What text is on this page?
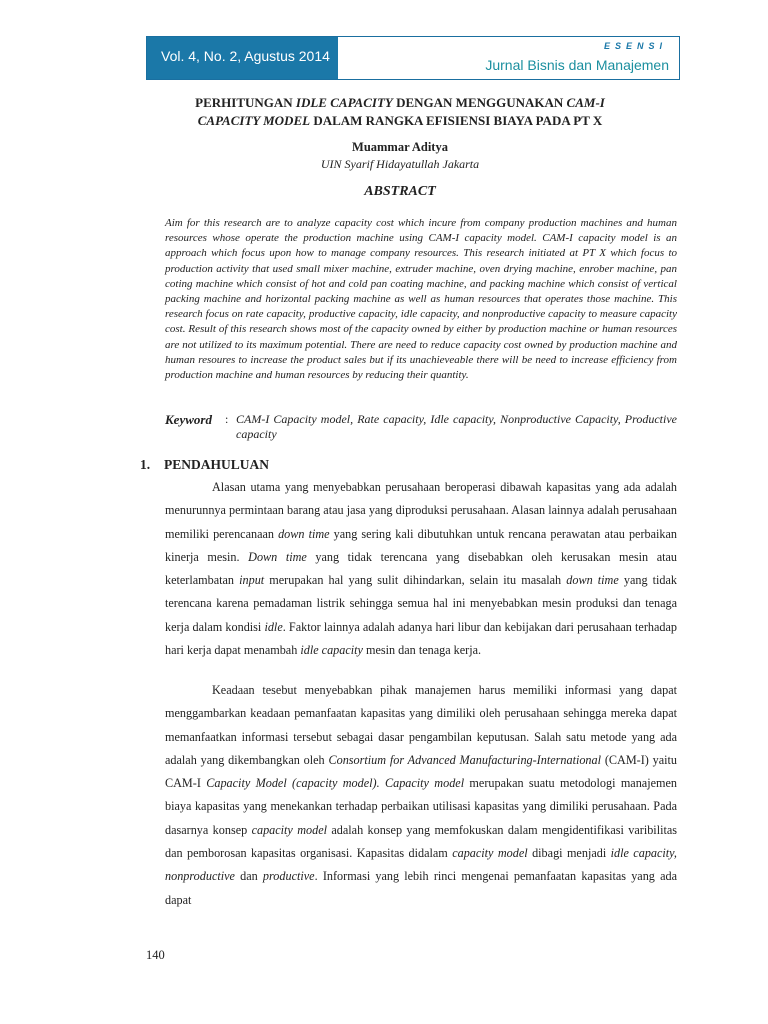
Vol. 4, No. 2, Agustus 2014
ESENSI
Jurnal Bisnis dan Manajemen
PERHITUNGAN IDLE CAPACITY DENGAN MENGGUNAKAN CAM-I
CAPACITY MODEL DALAM RANGKA EFISIENSI BIAYA PADA PT X
Muammar Aditya
UIN Syarif Hidayatullah Jakarta
ABSTRACT
Aim for this research are to analyze capacity cost which incure from company production machines and human resources whose operate the production machine using CAM-I capacity model. CAM-I capacity model is an approach which focus upon how to manage company resources. This research initiated at PT X which focus to production activity that used small mixer machine, extruder machine, oven drying machine, enrober machine, pan coting machine which consist of hot and cold pan coating machine, and packing machine which consist of vertical packing machine and horizontal packing machine as well as human resources that operates those machine. This research focus on rate capacity, productive capacity, idle capacity, and nonproductive capacity to measure capacity cost. Result of this research shows most of the capacity owned by either by production machine or human resources are not utilized to its maximum potential. There are need to reduce capacity cost owned by production machine and human resoures to increase the product sales but if its unachieveable there will be need to increase efficiency from production machine and human resources by reducing their quantity.
Keyword : CAM-I Capacity model, Rate capacity, Idle capacity, Nonproductive Capacity, Productive capacity
1. PENDAHULUAN

Alasan utama yang menyebabkan perusahaan beroperasi dibawah kapasitas yang ada adalah menurunnya permintaan barang atau jasa yang diproduksi perusahaan. Alasan lainnya adalah perusahaan memiliki perencanaan down time yang sering kali dibutuhkan untuk rencana perawatan atau perbaikan kinerja mesin. Down time yang tidak terencana yang disebabkan oleh kerusakan mesin atau keterlambatan input merupakan hal yang sulit dihindarkan, selain itu masalah down time yang tidak terencana karena pemadaman listrik sehingga semua hal ini menyebabkan mesin produksi dan tenaga kerja dalam kondisi idle. Faktor lainnya adalah adanya hari libur dan kebijakan dari perusahaan terhadap hari kerja dapat menambah idle capacity mesin dan tenaga kerja.

Keadaan tesebut menyebabkan pihak manajemen harus memiliki informasi yang dapat menggambarkan keadaan pemanfaatan kapasitas yang dimiliki oleh perusahaan sehingga mereka dapat memanfaatkan informasi tersebut sebagai dasar pengambilan keputusan. Salah satu metode yang ada adalah yang dikembangkan oleh Consortium for Advanced Manufacturing-International (CAM-I) yaitu CAM-I Capacity Model (capacity model). Capacity model merupakan suatu metodologi manajemen biaya kapasitas yang menekankan terhadap perbaikan utilisasi kapasitas yang dimiliki perusahaan. Pada dasarnya konsep capacity model adalah konsep yang memfokuskan dalam mengidentifikasi varibilitas dan pemborosan kapasitas organisasi. Kapasitas didalam capacity model dibagi menjadi idle capacity, nonproductive dan productive. Informasi yang lebih rinci mengenai pemanfaatan kapasitas yang ada dapat

140
